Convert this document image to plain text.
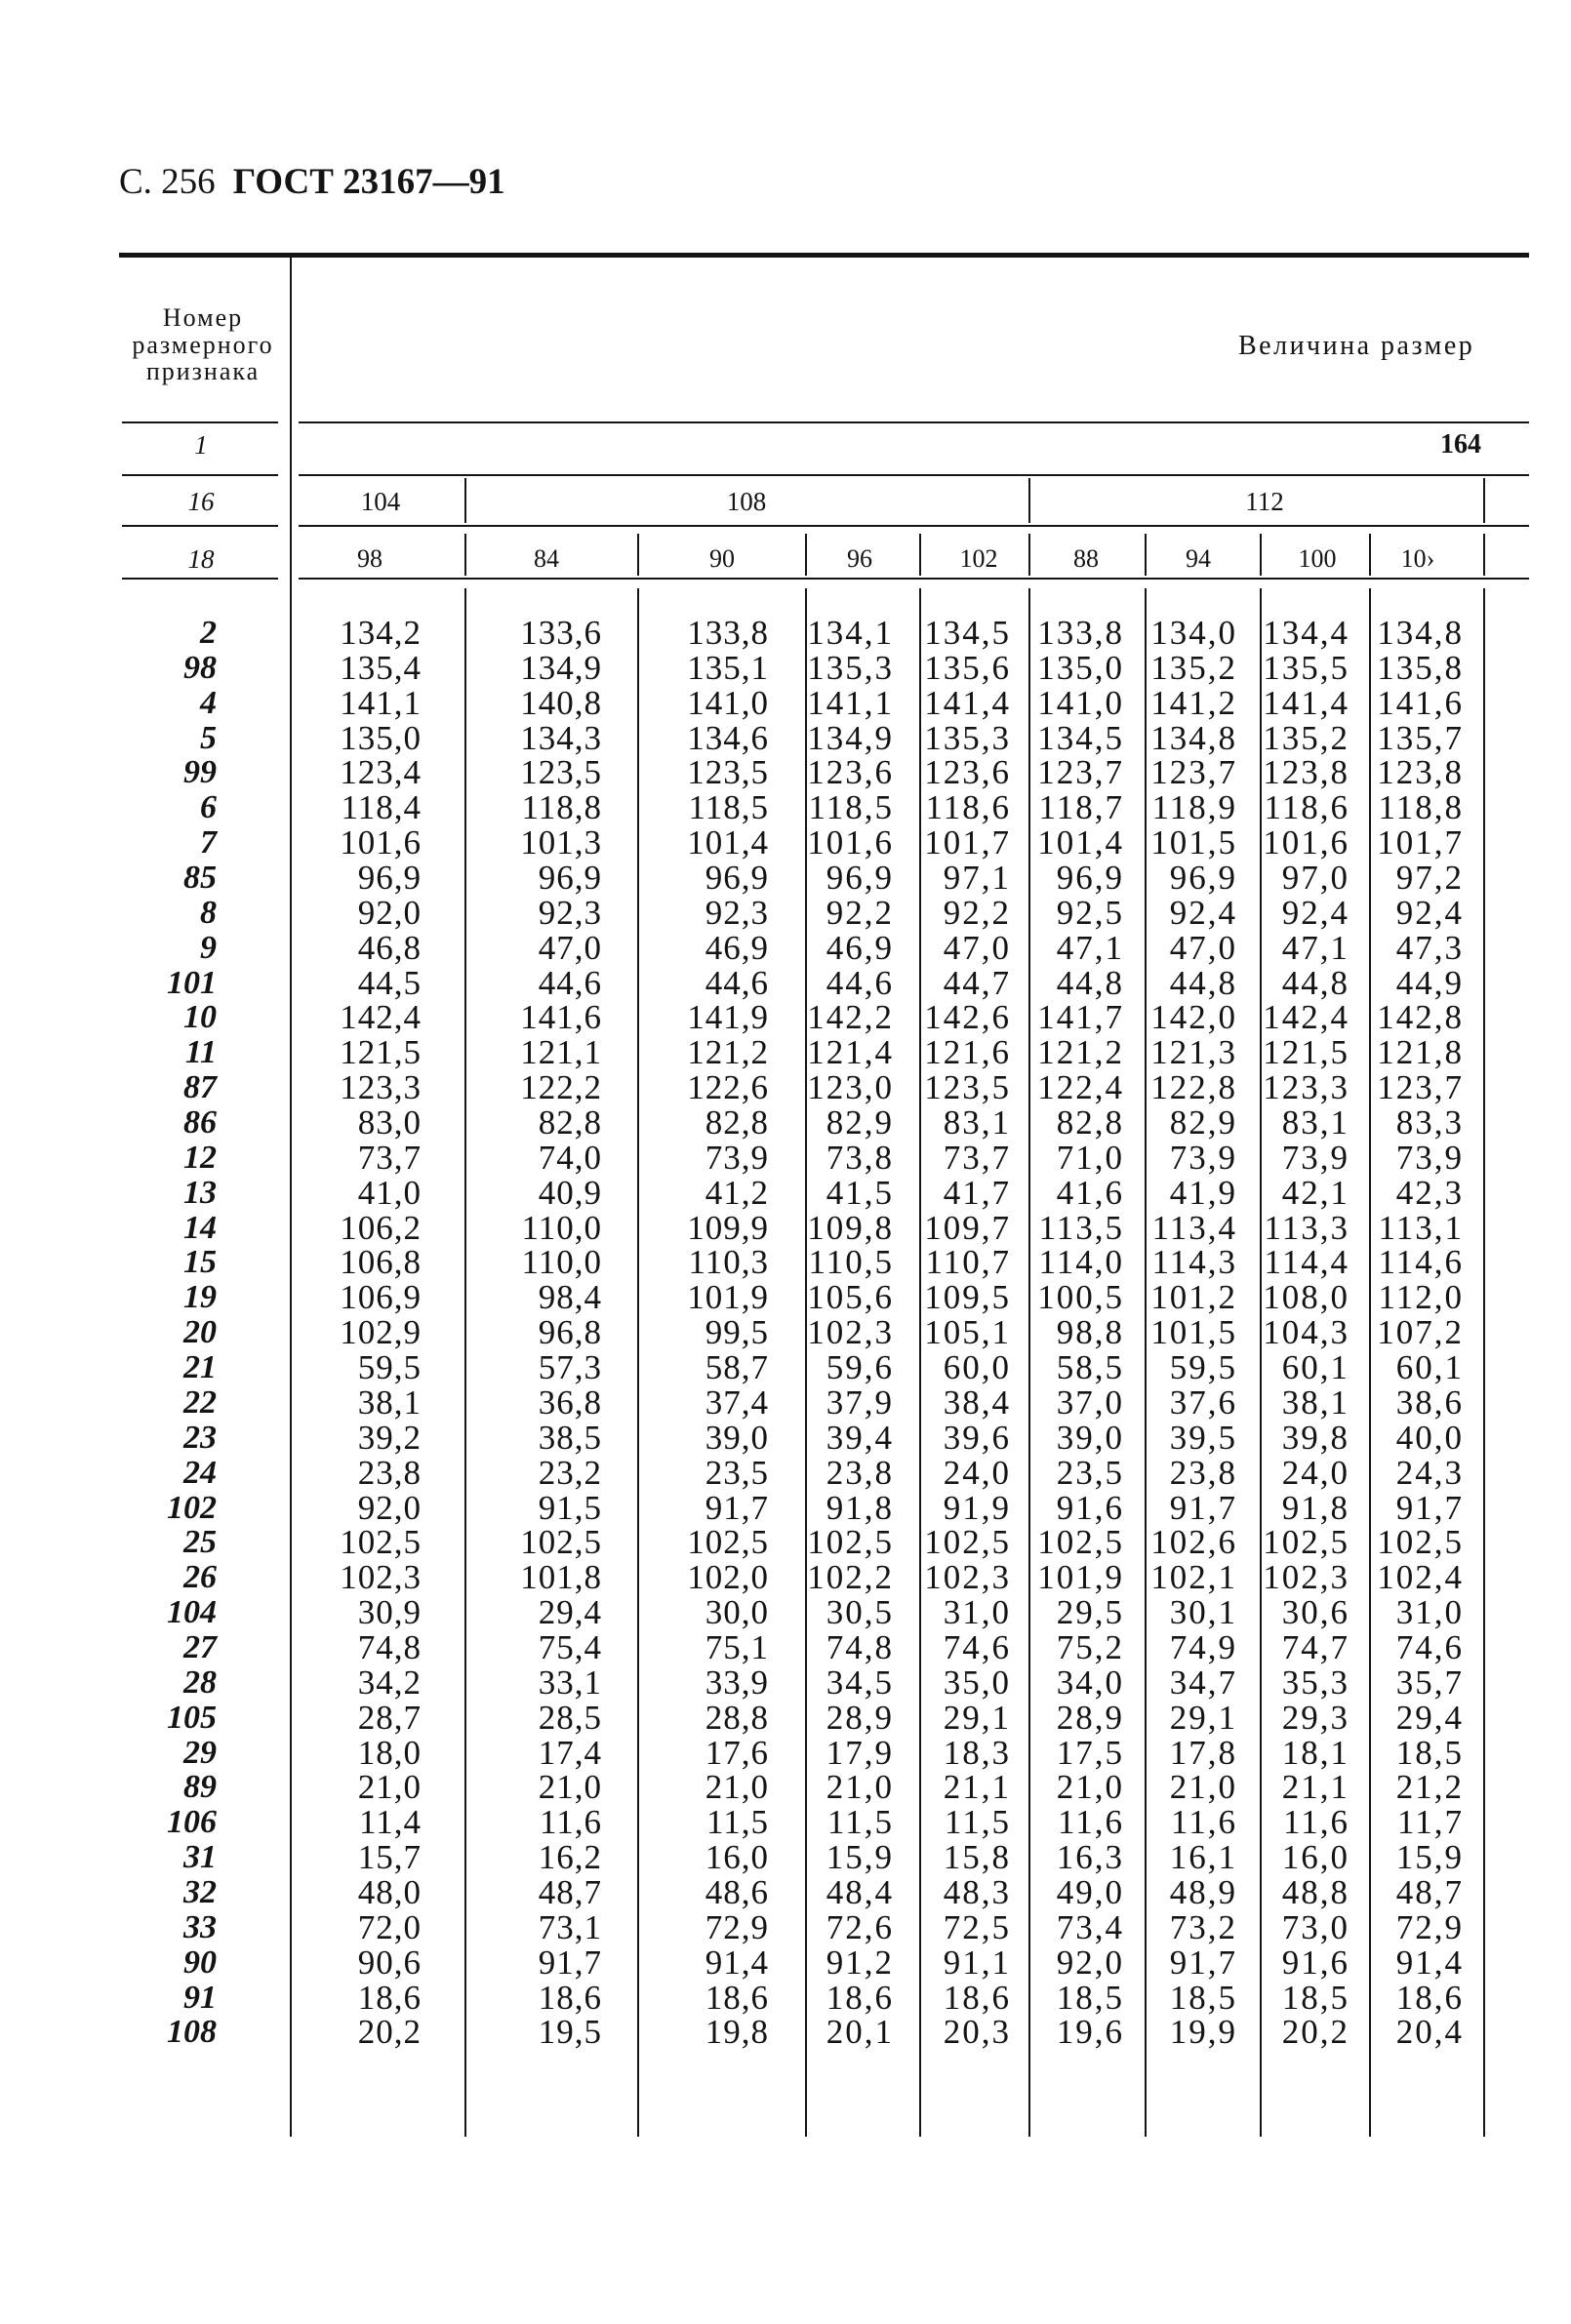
С. 256 ГОСТ 23167—91
Номер
размерного
признака
Величина размер
1	164
16	104	108	112
18	98	84	90	96	102	88	94	100	10›
2	134,2	133,6	133,8	134,1 134,5 133,8 134,0 134,4 134,8
98	135,4	134,9	135,1	135,3 135,6 135,0 135,2 135,5 135,8
4	141,1	140,8	141,0	141,1 141,4 141,0 141,2 141,4 141,6
5	135,0	134,3	134,6	134,9 135,3 134,5 134,8 135,2 135,7
99	123,4	123,5	123,5	123,6 123,6 123,7 123,7 123,8 123,8
6	118,4	118,8	118,5	118,5 118,6 118,7 118,9 118,6 118,8
7	101,6	101,3	101,4	101,6 101,7 101,4 101,5 101,6 101,7
85	96,9	96,9	96,9	96,9	97,1	96,9	96,9	97,0	97,2
8	92,0	92,3	92,3	92,2	92,2	92,5	92,4	92,4	92,4
9	46,8	47,0	46,9	46,9	47,0	47,1	47,0	47,1	47,3
101	44,5	44,6	44,6	44,6	44,7	44,8	44,8	44,8	44,9
10	142,4	141,6	141,9	142,2 142,6 141,7 142,0 142,4 142,8
11	121,5	121,1	121,2	121,4 121,6 121,2 121,3 121,5 121,8
87	123,3	122,2	122,6	123,0 123,5 122,4 122,8 123,3 123,7
86	83,0	82,8	82,8	82,9	83,1	82,8	82,9	83,1	83,3
12	73,7	74,0	73,9	73,8	73,7	71,0	73,9	73,9	73,9
13	41,0	40,9	41,2	41,5	41,7	41,6	41,9	42,1	42,3
14	106,2	110,0	109,9	109,8 109,7 113,5 113,4 113,3 113,1
15	106,8	110,0	110,3	110,5 110,7 114,0 114,3 114,4 114,6
19	106,9	98,4	101,9	105,6 109,5 100,5 101,2 108,0 112,0
20	102,9	96,8	99,5	102,3 105,1	98,8 101,5 104,3 107,2
21	59,5	57,3	58,7	59,6	60,0	58,5	59,5	60,1	60,1
22	38,1	36,8	37,4	37,9	38,4	37,0	37,6	38,1	38,6
23	39,2	38,5	39,0	39,4	39,6	39,0	39,5	39,8	40,0
24	23,8	23,2	23,5	23,8	24,0	23,5	23,8	24,0	24,3
102	92,0	91,5	91,7	91,8	91,9	91,6	91,7	91,8	91,7
25	102,5	102,5	102,5	102,5 102,5 102,5 102,6 102,5 102,5
26	102,3	101,8	102,0	102,2 102,3 101,9 102,1 102,3 102,4
104	30,9	29,4	30,0	30,5	31,0	29,5	30,1	30,6	31,0
27	74,8	75,4	75,1	74,8	74,6	75,2	74,9	74,7	74,6
28	34,2	33,1	33,9	34,5	35,0	34,0	34,7	35,3	35,7
105	28,7	28,5	28,8	28,9	29,1	28,9	29,1	29,3	29,4
29	18,0	17,4	17,6	17,9	18,3	17,5	17,8	18,1	18,5
89	21,0	21,0	21,0	21,0	21,1	21,0	21,0	21,1	21,2
106	11,4	11,6	11,5	11,5	11,5	11,6	11,6	11,6	11,7
31	15,7	16,2	16,0	15,9	15,8	16,3	16,1	16,0	15,9
32	48,0	48,7	48,6	48,4	48,3	49,0	48,9	48,8	48,7
33	72,0	73,1	72,9	72,6	72,5	73,4	73,2	73,0	72,9
90	90,6	91,7	91,4	91,2	91,1	92,0	91,7	91,6	91,4
91	18,6	18,6	18,6	18,6	18,6	18,5	18,5	18,5	18,6
108	20,2	19,5	19,8	20,1	20,3	19,6	19,9	20,2	20,4
